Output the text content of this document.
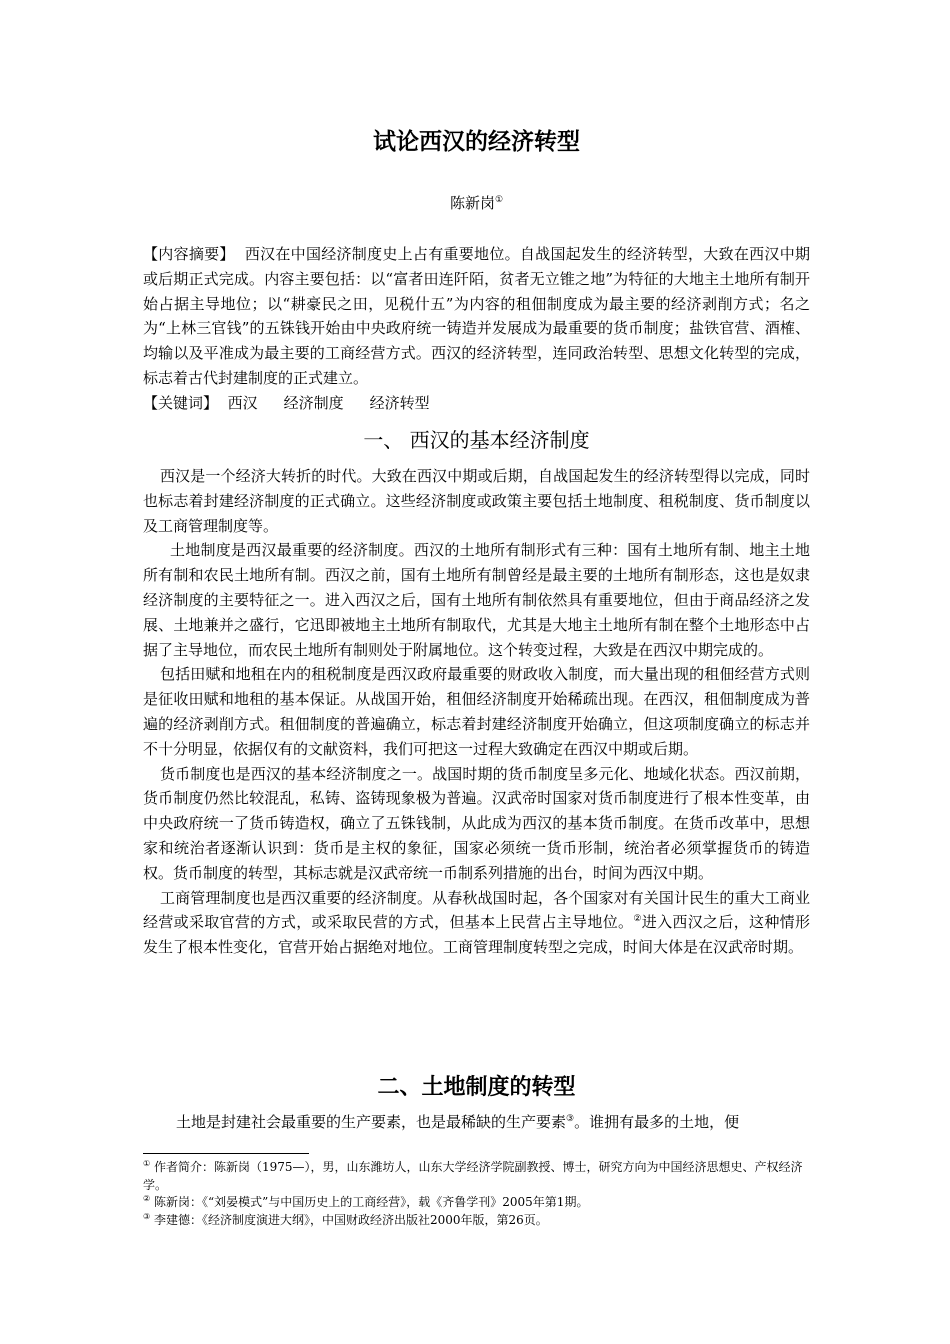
试论西汉的经济转型
陈新岗①
【内容摘要】 西汉在中国经济制度史上占有重要地位。自战国起发生的经济转型，大致在西汉中期或后期正式完成。内容主要包括：以“富者田连阡陌，贫者无立锥之地”为特征的大地主土地所有制开始占据主导地位；以“耕豪民之田，见税什五”为内容的租佃制度成为最主要的经济剥削方式；名之为“上林三官钱”的五铢钱开始由中央政府统一铸造并发展成为最重要的货币制度；盐铁官营、酒榷、均输以及平准成为最主要的工商经营方式。西汉的经济转型，连同政治转型、思想文化转型的完成，标志着古代封建制度的正式建立。
【关键词】 西汉 经济制度 经济转型
一、 西汉的基本经济制度

西汉是一个经济大转折的时代。大致在西汉中期或后期，自战国起发生的经济转型得以完成，同时也标志着封建经济制度的正式确立。这些经济制度或政策主要包括土地制度、租税制度、货币制度以及工商管理制度等。

土地制度是西汉最重要的经济制度。西汉的土地所有制形式有三种：国有土地所有制、地主土地所有制和农民土地所有制。西汉之前，国有土地所有制曾经是最主要的土地所有制形态，这也是奴隶经济制度的主要特征之一。进入西汉之后，国有土地所有制依然具有重要地位，但由于商品经济之发展、土地兼并之盛行，它迅即被地主土地所有制取代，尤其是大地主土地所有制在整个土地形态中占据了主导地位，而农民土地所有制则处于附属地位。这个转变过程，大致是在西汉中期完成的。

包括田赋和地租在内的租税制度是西汉政府最重要的财政收入制度，而大量出现的租佃经营方式则是征收田赋和地租的基本保证。从战国开始，租佃经济制度开始稀疏出现。在西汉，租佃制度成为普遍的经济剥削方式。租佃制度的普遍确立，标志着封建经济制度开始确立，但这项制度确立的标志并不十分明显，依据仅有的文献资料，我们可把这一过程大致确定在西汉中期或后期。

货币制度也是西汉的基本经济制度之一。战国时期的货币制度呈多元化、地域化状态。西汉前期，货币制度仍然比较混乱，私铸、盗铸现象极为普遍。汉武帝时国家对货币制度进行了根本性变革，由中央政府统一了货币铸造权，确立了五铢钱制，从此成为西汉的基本货币制度。在货币改革中，思想家和统治者逐渐认识到：货币是主权的象征，国家必须统一货币形制，统治者必须掌握货币的铸造权。货币制度的转型，其标志就是汉武帝统一币制系列措施的出台，时间为西汉中期。

工商管理制度也是西汉重要的经济制度。从春秋战国时起，各个国家对有关国计民生的重大工商业经营或采取官营的方式，或采取民营的方式，但基本上民营占主导地位。②进入西汉之后，这种情形发生了根本性变化，官营开始占据绝对地位。工商管理制度转型之完成，时间大体是在汉武帝时期。

二、土地制度的转型

土地是封建社会最重要的生产要素，也是最稀缺的生产要素③。谁拥有最多的土地，便

① 作者简介：陈新岗（1975—），男，山东潍坊人，山东大学经济学院副教授、博士，研究方向为中国经济思想史、产权经济学。
② 陈新岗：《“刘晏模式”与中国历史上的工商经营》，载《齐鲁学刊》2005年第1期。
③ 李建德：《经济制度演进大纲》，中国财政经济出版社2000年版，第26页。
